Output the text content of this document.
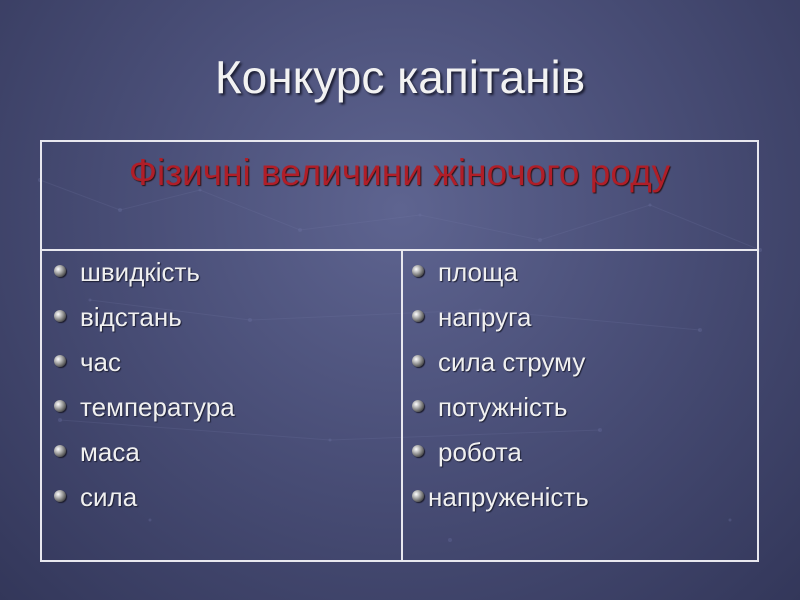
Конкурс капітанів
Фізичні величини жіночого роду
швидкість
відстань
час
температура
маса
сила
площа
напруга
сила струму
потужність
робота
напруженість
